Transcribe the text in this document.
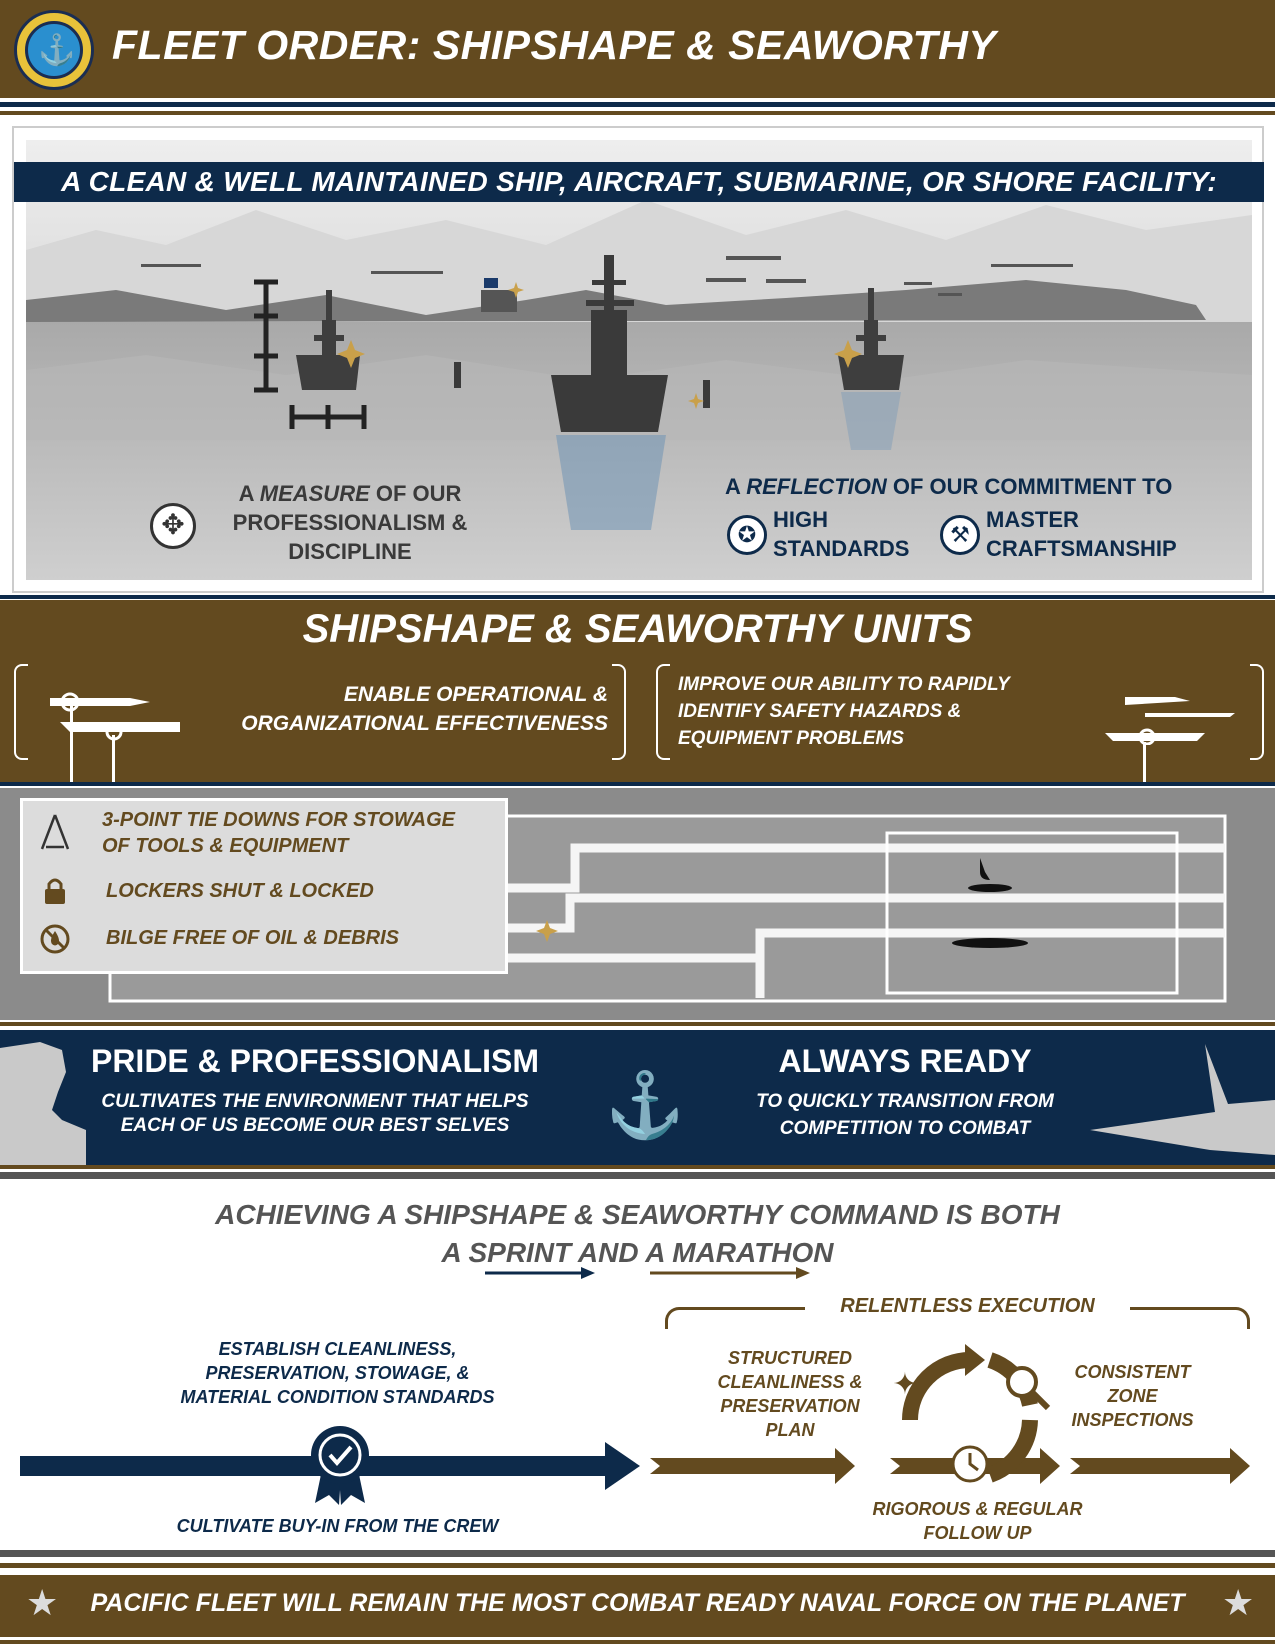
⚓ FLEET ORDER: SHIPSHAPE & SEAWORTHY
A CLEAN & WELL MAINTAINED SHIP, AIRCRAFT, SUBMARINE, OR SHORE FACILITY:
✥
A MEASURE OF OUR
PROFESSIONALISM &
DISCIPLINE
A REFLECTION OF OUR COMMITMENT TO
✪
HIGH
STANDARDS
⚒
MASTER
CRAFTSMANSHIP
SHIPSHAPE & SEAWORTHY UNITS
ENABLE OPERATIONAL &
ORGANIZATIONAL EFFECTIVENESS
IMPROVE OUR ABILITY TO RAPIDLY
IDENTIFY SAFETY HAZARDS &
EQUIPMENT PROBLEMS
3-POINT TIE DOWNS FOR STOWAGE
OF TOOLS & EQUIPMENT
LOCKERS SHUT & LOCKED
BILGE FREE OF OIL & DEBRIS
PRIDE & PROFESSIONALISM
CULTIVATES THE ENVIRONMENT THAT HELPS
EACH OF US BECOME OUR BEST SELVES	⚓
ALWAYS READY
TO QUICKLY TRANSITION FROM
COMPETITION TO COMBAT
ACHIEVING A SHIPSHAPE & SEAWORTHY COMMAND IS BOTH
A SPRINT AND A MARATHON
ESTABLISH CLEANLINESS,
PRESERVATION, STOWAGE, &
MATERIAL CONDITION STANDARDS
CULTIVATE BUY-IN FROM THE CREW
RELENTLESS EXECUTION
STRUCTURED
CLEANLINESS &
PRESERVATION
PLAN
CONSISTENT
ZONE
INSPECTIONS
✦
RIGOROUS & REGULAR
FOLLOW UP
★	PACIFIC FLEET WILL REMAIN THE MOST COMBAT READY NAVAL FORCE ON THE PLANET	★
